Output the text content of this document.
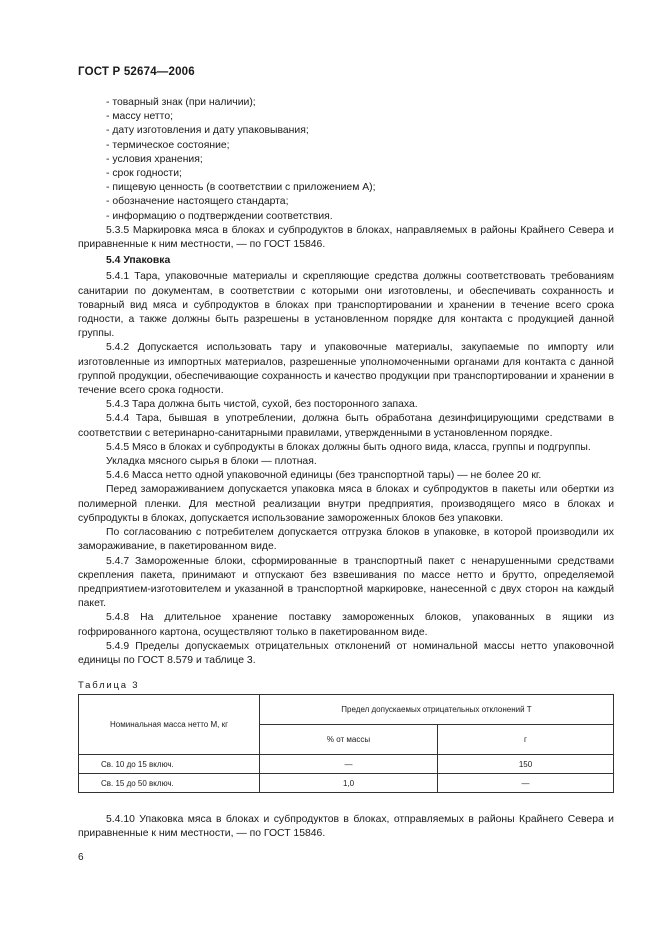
ГОСТ Р 52674—2006
- товарный знак (при наличии);
- массу нетто;
- дату изготовления и дату упаковывания;
- термическое состояние;
- условия хранения;
- срок годности;
- пищевую ценность (в соответствии с приложением А);
- обозначение настоящего стандарта;
- информацию о подтверждении соответствия.

5.3.5 Маркировка мяса в блоках и субпродуктов в блоках, направляемых в районы Крайнего Севера и приравненные к ним местности, — по ГОСТ 15846.

5.4 Упаковка

5.4.1 Тара, упаковочные материалы и скрепляющие средства должны соответствовать требованиям санитарии по документам, в соответствии с которыми они изготовлены, и обеспечивать сохранность и товарный вид мяса и субпродуктов в блоках при транспортировании и хранении в течение всего срока годности, а также должны быть разрешены в установленном порядке для контакта с продукцией данной группы.

5.4.2 Допускается использовать тару и упаковочные материалы, закупаемые по импорту или изготовленные из импортных материалов, разрешенные уполномоченными органами для контакта с данной группой продукции, обеспечивающие сохранность и качество продукции при транспортировании и хранении в течение всего срока годности.

5.4.3 Тара должна быть чистой, сухой, без посторонного запаха.

5.4.4 Тара, бывшая в употреблении, должна быть обработана дезинфицирующими средствами в соответствии с ветеринарно-санитарными правилами, утвержденными в установленном порядке.

5.4.5 Мясо в блоках и субпродукты в блоках должны быть одного вида, класса, группы и подгруппы.

Укладка мясного сырья в блоки — плотная.

5.4.6 Масса нетто одной упаковочной единицы (без транспортной тары) — не более 20 кг.

Перед замораживанием допускается упаковка мяса в блоках и субпродуктов в пакеты или обертки из полимерной пленки. Для местной реализации внутри предприятия, производящего мясо в блоках и субпродукты в блоках, допускается использование замороженных блоков без упаковки.

По согласованию с потребителем допускается отгрузка блоков в упаковке, в которой производили их замораживание, в пакетированном виде.

5.4.7 Замороженные блоки, сформированные в транспортный пакет с ненарушенными средствами скрепления пакета, принимают и отпускают без взвешивания по массе нетто и брутто, определяемой предприятием-изготовителем и указанной в транспортной маркировке, нанесенной с двух сторон на каждый пакет.

5.4.8 На длительное хранение поставку замороженных блоков, упакованных в ящики из гофрированного картона, осуществляют только в пакетированном виде.

5.4.9 Пределы допускаемых отрицательных отклонений от номинальной массы нетто упаковочной единицы по ГОСТ 8.579 и таблице 3.

Таблица 3
Номинальная масса нетто М, кг	Предел допускаемых отрицательных отклонений Т	
	% от массы	г
Св. 10 до 15 включ.	—	150
Св. 15 до 50 включ.	1,0	—

5.4.10 Упаковка мяса в блоках и субпродуктов в блоках, отправляемых в районы Крайнего Севера и приравненные к ним местности, — по ГОСТ 15846.

6
